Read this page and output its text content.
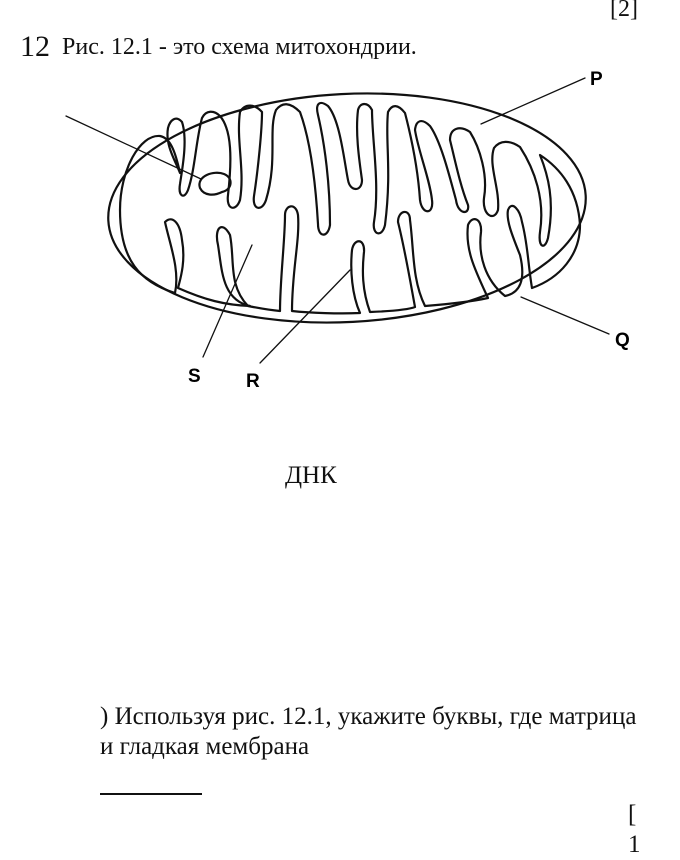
[2]
12 Рис. 12.1 - это схема митохондрии.
P
Q
S R
ДНК
) Используя рис. 12.1, укажите буквы, где матрица и гладкая мембрана
[
1
